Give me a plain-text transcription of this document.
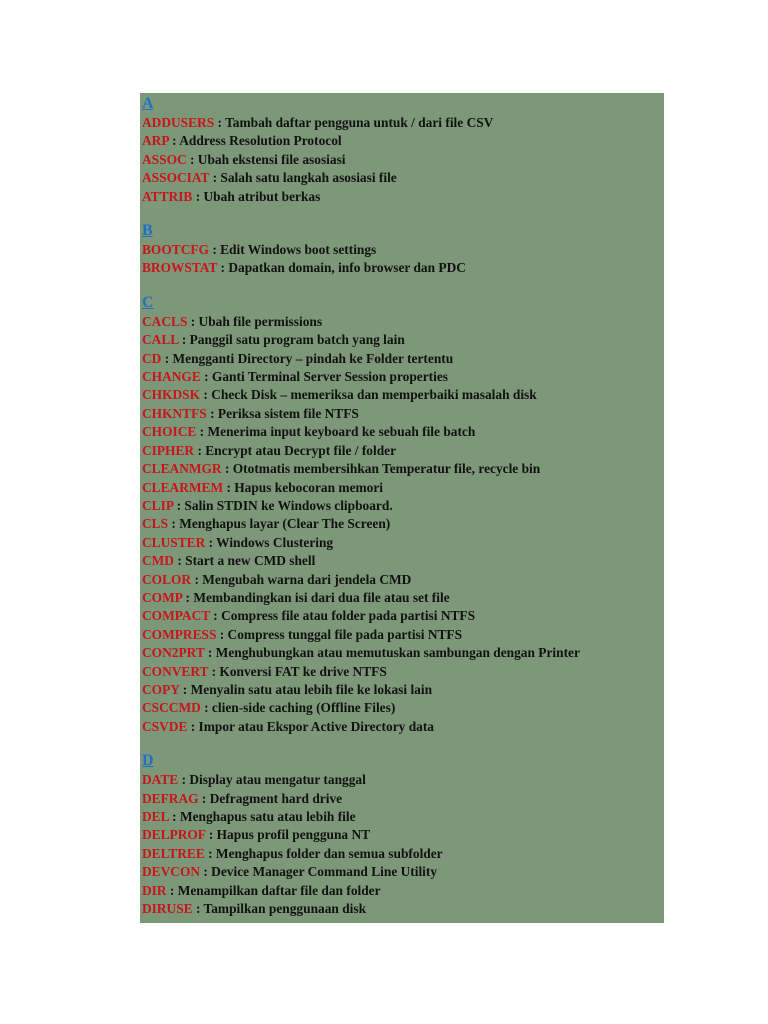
A
ADDUSERS : Tambah daftar pengguna untuk / dari file CSV
ARP : Address Resolution Protocol
ASSOC : Ubah ekstensi file asosiasi
ASSOCIAT : Salah satu langkah asosiasi file
ATTRIB : Ubah atribut berkas
B
BOOTCFG : Edit Windows boot settings
BROWSTAT : Dapatkan domain, info browser dan PDC
C
CACLS : Ubah file permissions
CALL : Panggil satu program batch yang lain
CD : Mengganti Directory – pindah ke Folder tertentu
CHANGE : Ganti Terminal Server Session properties
CHKDSK : Check Disk – memeriksa dan memperbaiki masalah disk
CHKNTFS : Periksa sistem file NTFS
CHOICE : Menerima input keyboard ke sebuah file batch
CIPHER : Encrypt atau Decrypt file / folder
CLEANMGR : Ototmatis membersihkan Temperatur file, recycle bin
CLEARMEM : Hapus kebocoran memori
CLIP : Salin STDIN ke Windows clipboard.
CLS : Menghapus layar (Clear The Screen)
CLUSTER : Windows Clustering
CMD : Start a new CMD shell
COLOR : Mengubah warna dari jendela CMD
COMP : Membandingkan isi dari dua file atau set file
COMPACT : Compress file atau folder pada partisi NTFS
COMPRESS : Compress tunggal file pada partisi NTFS
CON2PRT : Menghubungkan atau memutuskan sambungan dengan Printer
CONVERT : Konversi FAT ke drive NTFS
COPY : Menyalin satu atau lebih file ke lokasi lain
CSCCMD : clien-side caching (Offline Files)
CSVDE : Impor atau Ekspor Active Directory data
D
DATE : Display atau mengatur tanggal
DEFRAG : Defragment hard drive
DEL : Menghapus satu atau lebih file
DELPROF : Hapus profil pengguna NT
DELTREE : Menghapus folder dan semua subfolder
DEVCON : Device Manager Command Line Utility
DIR : Menampilkan daftar file dan folder
DIRUSE : Tampilkan penggunaan disk
